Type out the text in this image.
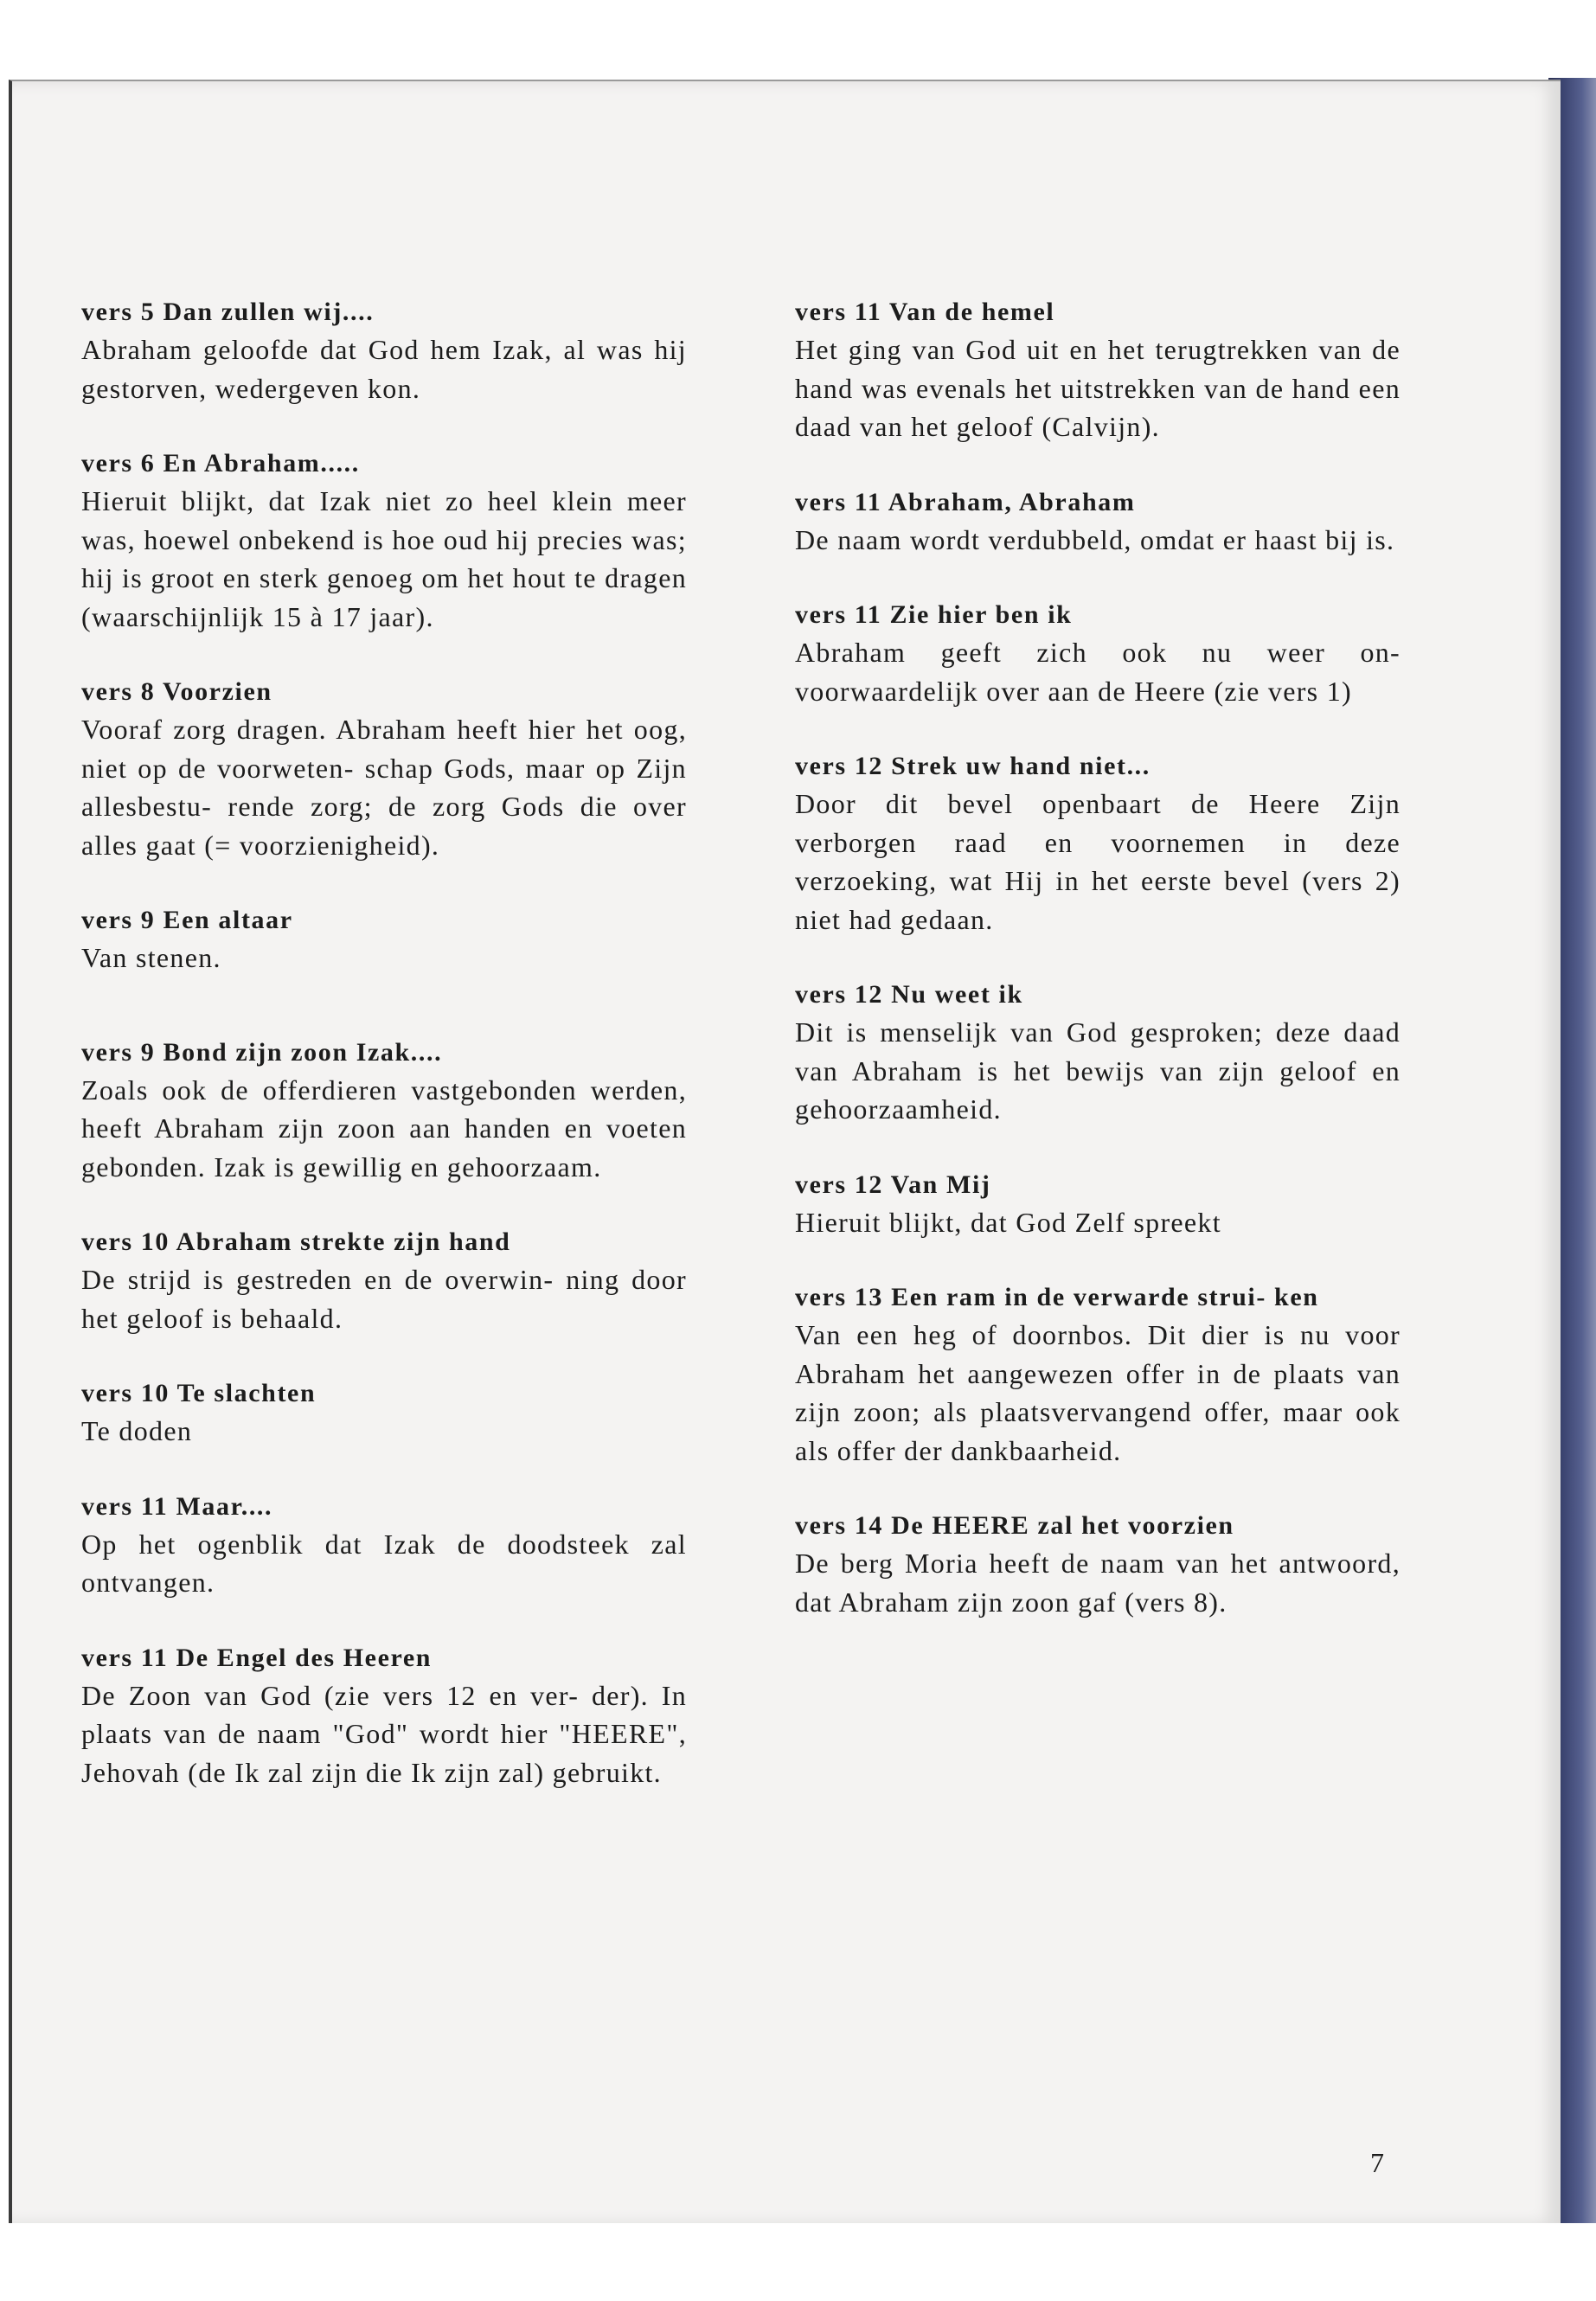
vers 5 Dan zullen wij....

Abraham geloofde dat God hem Izak, al was hij gestorven, wedergeven kon.

vers 6 En Abraham.....

Hieruit blijkt, dat Izak niet zo heel klein meer was, hoewel onbekend is hoe oud hij precies was; hij is groot en sterk genoeg om het hout te dragen (waarschijnlijk 15 à 17 jaar).

vers 8 Voorzien

Vooraf zorg dragen. Abraham heeft hier het oog, niet op de voorweten- schap Gods, maar op Zijn allesbestu- rende zorg; de zorg Gods die over alles gaat (= voorzienigheid).

vers 9 Een altaar

Van stenen.

vers 9 Bond zijn zoon Izak....

Zoals ook de offerdieren vastgebonden werden, heeft Abraham zijn zoon aan handen en voeten gebonden. Izak is gewillig en gehoorzaam.

vers 10 Abraham strekte zijn hand

De strijd is gestreden en de overwin- ning door het geloof is behaald.

vers 10 Te slachten

Te doden

vers 11 Maar....

Op het ogenblik dat Izak de doodsteek zal ontvangen.

vers 11 De Engel des Heeren

De Zoon van God (zie vers 12 en ver- der). In plaats van de naam "God" wordt hier "HEERE", Jehovah (de Ik zal zijn die Ik zijn zal) gebruikt.

vers 11 Van de hemel

Het ging van God uit en het terugtrekken van de hand was evenals het uitstrekken van de hand een daad van het geloof (Calvijn).

vers 11 Abraham, Abraham

De naam wordt verdubbeld, omdat er haast bij is.

vers 11 Zie hier ben ik

Abraham geeft zich ook nu weer on- voorwaardelijk over aan de Heere (zie vers 1)

vers 12 Strek uw hand niet...

Door dit bevel openbaart de Heere Zijn verborgen raad en voornemen in deze verzoeking, wat Hij in het eerste bevel (vers 2) niet had gedaan.

vers 12 Nu weet ik

Dit is menselijk van God gesproken; deze daad van Abraham is het bewijs van zijn geloof en gehoorzaamheid.

vers 12 Van Mij

Hieruit blijkt, dat God Zelf spreekt

vers 13 Een ram in de verwarde strui- ken

Van een heg of doornbos. Dit dier is nu voor Abraham het aangewezen offer in de plaats van zijn zoon; als plaatsvervangend offer, maar ook als offer der dankbaarheid.

vers 14 De HEERE zal het voorzien

De berg Moria heeft de naam van het antwoord, dat Abraham zijn zoon gaf (vers 8).

7
